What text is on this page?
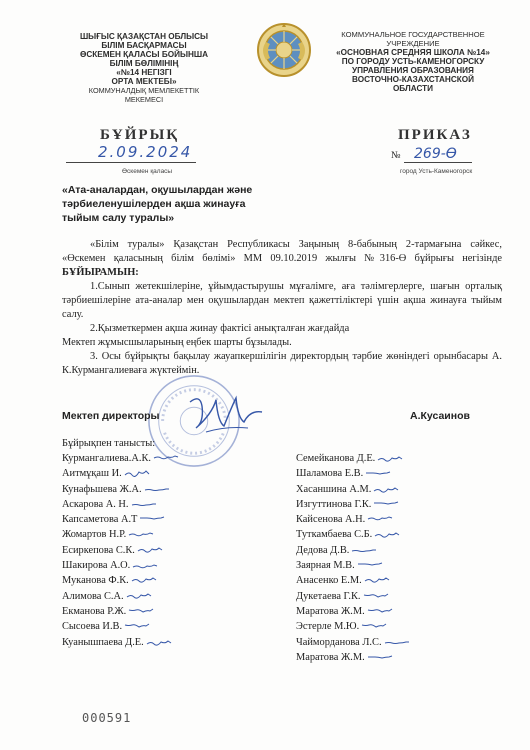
ШЫҒЫС ҚАЗАҚСТАН ОБЛЫСЫ
БІЛІМ БАСҚАРМАСЫ
ӨСКЕМЕН ҚАЛАСЫ БОЙЫНША
БІЛІМ БӨЛІМІНІҢ
«№14 НЕГІЗГІ
ОРТА МЕКТЕБІ»
КОММУНАЛДЫҚ МЕМЛЕКЕТТІК
МЕКЕМЕСІ
КОММУНАЛЬНОЕ ГОСУДАРСТВЕННОЕ
УЧРЕЖДЕНИЕ
«ОСНОВНАЯ СРЕДНЯЯ ШКОЛА №14»
ПО ГОРОДУ УСТЬ-КАМЕНОГОРСКУ
УПРАВЛЕНИЯ ОБРАЗОВАНИЯ
ВОСТОЧНО-КАЗАХСТАНСКОЙ
ОБЛАСТИ
БҰЙРЫҚ	ПРИКАЗ
2.09.2024	№ 269-Ө
Өскемен қаласы	город Усть-Каменогорск
«Ата-аналардан, оқушылардан және
тәрбиеленушілерден ақша жинауға
тыйым салу туралы»

«Білім туралы» Қазақстан Республикасы Заңының 8-бабының 2-тармағына сәйкес, «Өскемен қаласының білім бөлімі» ММ 09.10.2019 жылғы №316-Ө бұйрығы негізінде БҰЙЫРАМЫН:

1.Сынып жетекшілеріне, ұйымдастырушы мұғалімге, аға тәлімгерлерге, шағын орталық тәрбиешілеріне ата-аналар мен оқушылардан мектеп қажеттіліктері үшін ақша жинауға тыйым салу.

2.Қызметкермен ақша жинау фактісі анықталған жағдайда

Мектеп жұмысшыларының еңбек шарты бұзылады.

3. Осы бұйрықты бақылау жауапкершілігін директордың тәрбие жөніндегі орынбасары А. К.Курмангалиеваға жүктеймін.

Мектеп директоры	А.Кусаинов
Бұйрықпен танысты:
Курмангалиева.А.К.
Аитмұқаш И.
Кунафьшева Ж.А.
Аскарова А. Н.
Капсаметова А.Т
Жомартов Н.Р.
Есиркепова С.К.
Шакирова А.О.
Муканова Ф.К.
Алимова С.А.
Екманова Р.Ж.
Сысоева И.В.
Куанышпаева Д.Е.
Семейканова Д.Е.
Шаламова Е.В.
Хасаншина А.М.
Изгуттинова Г.К.
Кайсенова А.Н.
Туткамбаева С.Б.
Дедова Д.В.
Заярная М.В.
Анасенко Е.М.
Дукетаева Г.К.
Маратова Ж.М.
Эстерле М.Ю.
Чайморданова Л.С.
Маратова Ж.М.
000591
